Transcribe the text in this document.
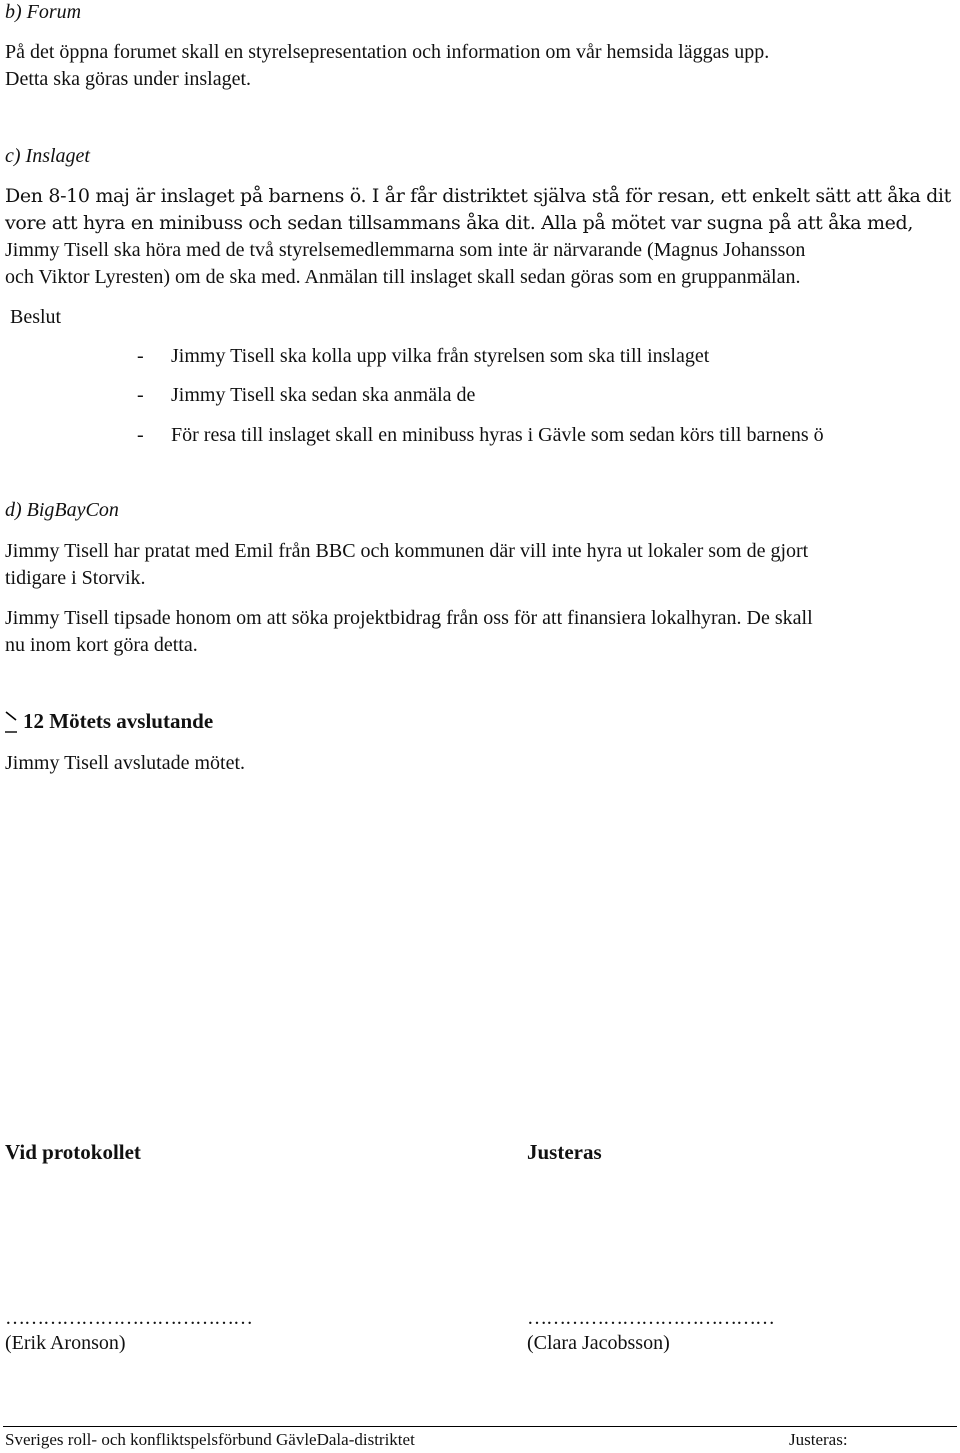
b) Forum
På det öppna forumet skall en styrelsepresentation och information om vår hemsida läggas upp.
Detta ska göras under inslaget.
c) Inslaget
Den 8-10 maj är inslaget på barnens ö. I år får distriktet själva stå för resan, ett enkelt sätt att åka dit
vore att hyra en minibuss och sedan tillsammans åka dit. Alla på mötet var sugna på att åka med,
Jimmy Tisell ska höra med de två styrelsemedlemmarna som inte är närvarande (Magnus Johansson
och Viktor Lyresten) om de ska med. Anmälan till inslaget skall sedan göras som en gruppanmälan.
Beslut
- Jimmy Tisell ska kolla upp vilka från styrelsen som ska till inslaget
- Jimmy Tisell ska sedan ska anmäla de
- För resa till inslaget skall en minibuss hyras i Gävle som sedan körs till barnens ö
d) BigBayCon
Jimmy Tisell har pratat med Emil från BBC och kommunen där vill inte hyra ut lokaler som de gjort
tidigare i Storvik.
Jimmy Tisell tipsade honom om att söka projektbidrag från oss för att finansiera lokalhyran. De skall
nu inom kort göra detta.
12 Mötets avslutande
Jimmy Tisell avslutade mötet.
Vid protokollet	Justeras
…………………………………	…………………………………
(Erik Aronson)	(Clara Jacobsson)
Sveriges roll- och konfliktspelsförbund GävleDala-distriktet	Justeras:
